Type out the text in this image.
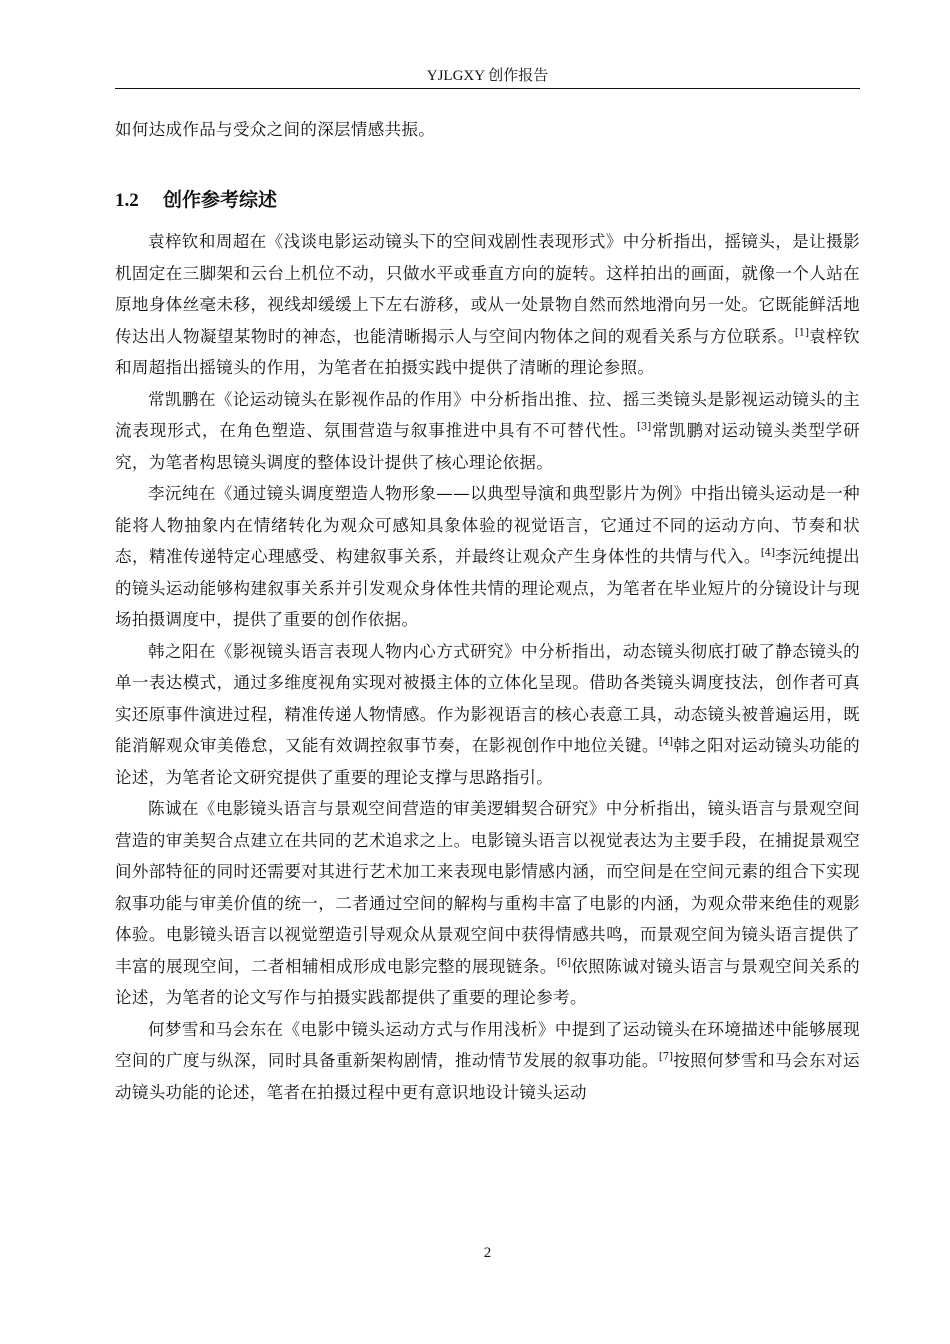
YJLGXY 创作报告
如何达成作品与受众之间的深层情感共振。
1.2 创作参考综述

袁梓钦和周超在《浅谈电影运动镜头下的空间戏剧性表现形式》中分析指出，摇镜头，是让摄影机固定在三脚架和云台上机位不动，只做水平或垂直方向的旋转。这样拍出的画面，就像一个人站在原地身体丝毫未移，视线却缓缓上下左右游移，或从一处景物自然而然地滑向另一处。它既能鲜活地传达出人物凝望某物时的神态，也能清晰揭示人与空间内物体之间的观看关系与方位联系。[1]袁梓钦和周超指出摇镜头的作用，为笔者在拍摄实践中提供了清晰的理论参照。

常凯鹏在《论运动镜头在影视作品的作用》中分析指出推、拉、摇三类镜头是影视运动镜头的主流表现形式，在角色塑造、氛围营造与叙事推进中具有不可替代性。[3]常凯鹏对运动镜头类型学研究，为笔者构思镜头调度的整体设计提供了核心理论依据。

李沅纯在《通过镜头调度塑造人物形象——以典型导演和典型影片为例》中指出镜头运动是一种能将人物抽象内在情绪转化为观众可感知具象体验的视觉语言，它通过不同的运动方向、节奏和状态，精准传递特定心理感受、构建叙事关系，并最终让观众产生身体性的共情与代入。[4]李沅纯提出的镜头运动能够构建叙事关系并引发观众身体性共情的理论观点，为笔者在毕业短片的分镜设计与现场拍摄调度中，提供了重要的创作依据。

韩之阳在《影视镜头语言表现人物内心方式研究》中分析指出，动态镜头彻底打破了静态镜头的单一表达模式，通过多维度视角实现对被摄主体的立体化呈现。借助各类镜头调度技法，创作者可真实还原事件演进过程，精准传递人物情感。作为影视语言的核心表意工具，动态镜头被普遍运用，既能消解观众审美倦怠，又能有效调控叙事节奏，在影视创作中地位关键。[4]韩之阳对运动镜头功能的论述，为笔者论文研究提供了重要的理论支撑与思路指引。

陈诚在《电影镜头语言与景观空间营造的审美逻辑契合研究》中分析指出，镜头语言与景观空间营造的审美契合点建立在共同的艺术追求之上。电影镜头语言以视觉表达为主要手段，在捕捉景观空间外部特征的同时还需要对其进行艺术加工来表现电影情感内涵，而空间是在空间元素的组合下实现叙事功能与审美价值的统一，二者通过空间的解构与重构丰富了电影的内涵，为观众带来绝佳的观影体验。电影镜头语言以视觉塑造引导观众从景观空间中获得情感共鸣，而景观空间为镜头语言提供了丰富的展现空间，二者相辅相成形成电影完整的展现链条。[6]依照陈诚对镜头语言与景观空间关系的论述，为笔者的论文写作与拍摄实践都提供了重要的理论参考。

何梦雪和马会东在《电影中镜头运动方式与作用浅析》中提到了运动镜头在环境描述中能够展现空间的广度与纵深，同时具备重新架构剧情，推动情节发展的叙事功能。[7]按照何梦雪和马会东对运动镜头功能的论述，笔者在拍摄过程中更有意识地设计镜头运动

2
